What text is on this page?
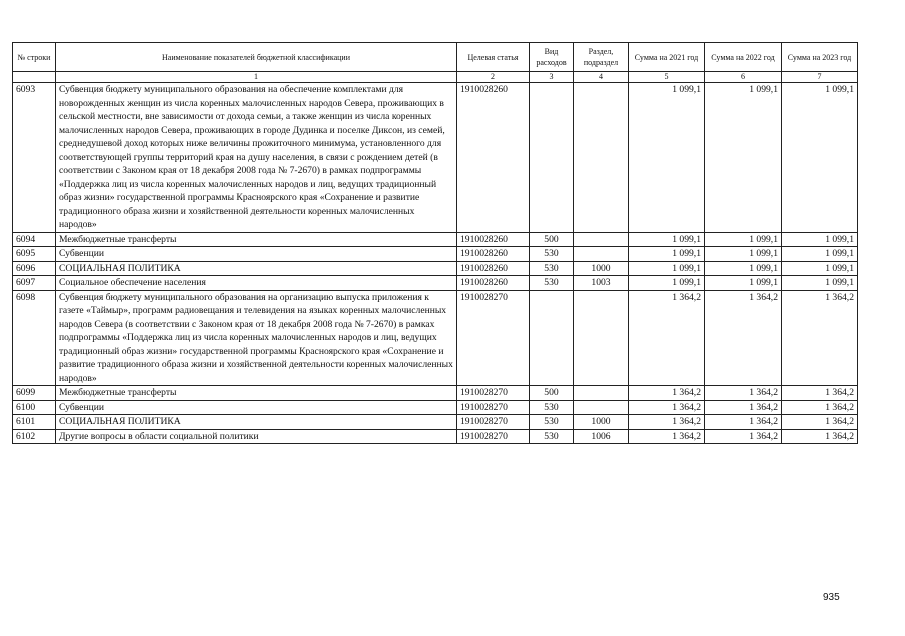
№ строки	Наименование показателей бюджетной классификации	Целевая статья	Вид расходов	Раздел, подраздел	Сумма на 2021 год	Сумма на 2022 год	Сумма на 2023 год
	1	2	3	4	5	6	7
6093	Субвенция бюджету муниципального образования на обеспечение комплектами для новорожденных женщин из числа коренных малочисленных народов Севера, проживающих в сельской местности, вне зависимости от дохода семьи, а также женщин из числа коренных малочисленных народов Севера, проживающих в городе Дудинка и поселке Диксон, из семей, среднедушевой доход которых ниже величины прожиточного минимума, установленного для соответствующей группы территорий края на душу населения, в связи с рождением детей (в соответствии с Законом края от 18 декабря 2008 года № 7-2670) в рамках подпрограммы «Поддержка лиц из числа коренных малочисленных народов и лиц, ведущих традиционный образ жизни» государственной программы Красноярского края «Сохранение и развитие традиционного образа жизни и хозяйственной деятельности коренных малочисленных народов»	1910028260			1 099,1	1 099,1	1 099,1
6094	Межбюджетные трансферты	1910028260	500		1 099,1	1 099,1	1 099,1
6095	Субвенции	1910028260	530		1 099,1	1 099,1	1 099,1
6096	СОЦИАЛЬНАЯ ПОЛИТИКА	1910028260	530	1000	1 099,1	1 099,1	1 099,1
6097	Социальное обеспечение населения	1910028260	530	1003	1 099,1	1 099,1	1 099,1
6098	Субвенция бюджету муниципального образования на организацию выпуска приложения к газете «Таймыр», программ радиовещания и телевидения на языках коренных малочисленных народов Севера (в соответствии с Законом края от 18 декабря 2008 года № 7-2670) в рамках подпрограммы «Поддержка лиц из числа коренных малочисленных народов и лиц, ведущих традиционный образ жизни» государственной программы Красноярского края «Сохранение и развитие традиционного образа жизни и хозяйственной деятельности коренных малочисленных народов»	1910028270			1 364,2	1 364,2	1 364,2
6099	Межбюджетные трансферты	1910028270	500		1 364,2	1 364,2	1 364,2
6100	Субвенции	1910028270	530		1 364,2	1 364,2	1 364,2
6101	СОЦИАЛЬНАЯ ПОЛИТИКА	1910028270	530	1000	1 364,2	1 364,2	1 364,2
6102	Другие вопросы в области социальной политики	1910028270	530	1006	1 364,2	1 364,2	1 364,2
935
